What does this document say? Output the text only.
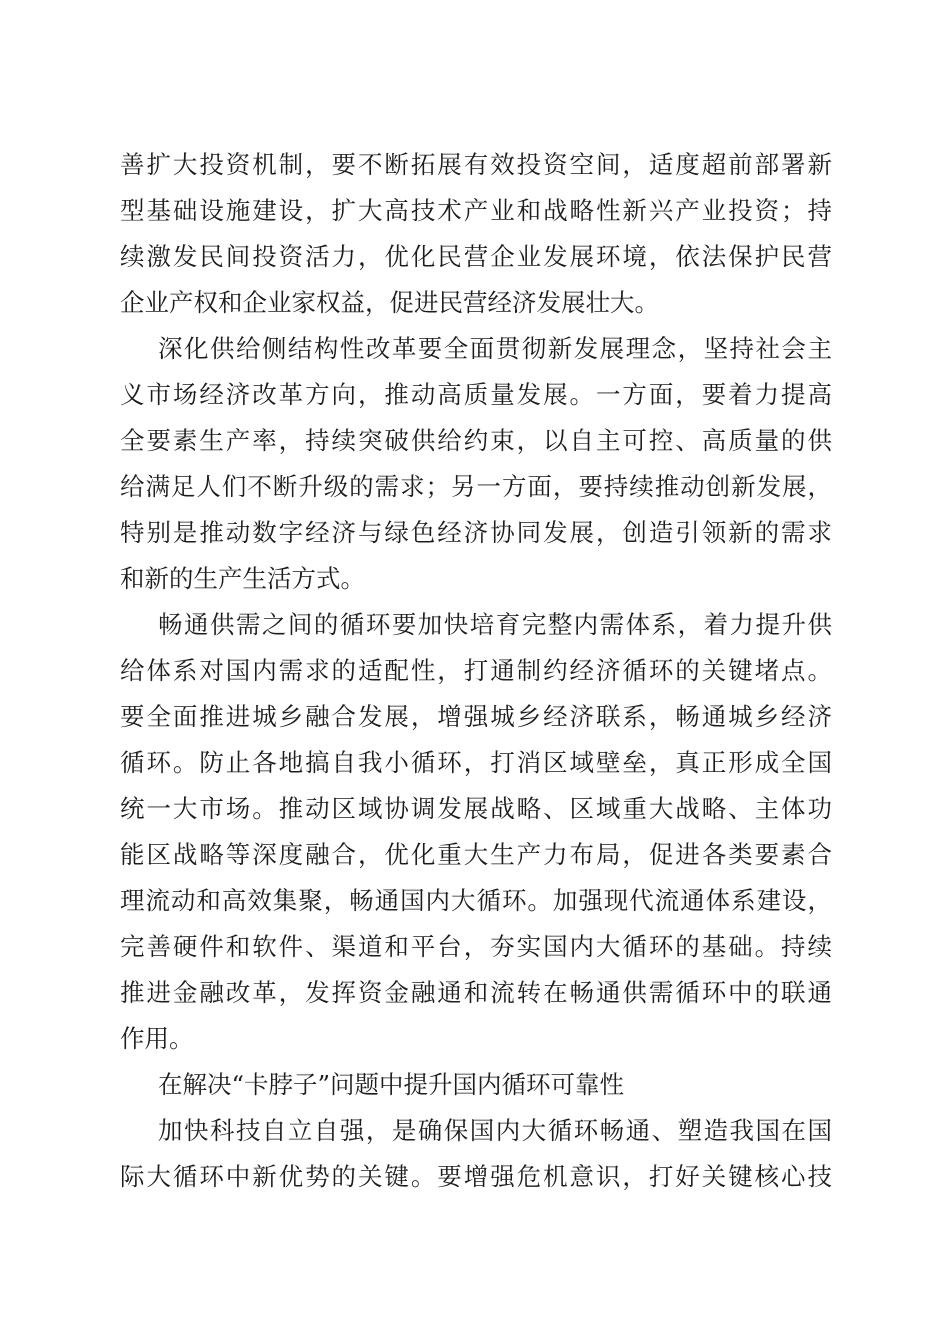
善扩大投资机制，要不断拓展有效投资空间，适度超前部署新
型基础设施建设，扩大高技术产业和战略性新兴产业投资；持
续激发民间投资活力，优化民营企业发展环境，依法保护民营
企业产权和企业家权益，促进民营经济发展壮大。
深化供给侧结构性改革要全面贯彻新发展理念，坚持社会主
义市场经济改革方向，推动高质量发展。一方面，要着力提高
全要素生产率，持续突破供给约束，以自主可控、高质量的供
给满足人们不断升级的需求；另一方面，要持续推动创新发展，
特别是推动数字经济与绿色经济协同发展，创造引领新的需求
和新的生产生活方式。
畅通供需之间的循环要加快培育完整内需体系，着力提升供
给体系对国内需求的适配性，打通制约经济循环的关键堵点。
要全面推进城乡融合发展，增强城乡经济联系，畅通城乡经济
循环。防止各地搞自我小循环，打消区域壁垒，真正形成全国
统一大市场。推动区域协调发展战略、区域重大战略、主体功
能区战略等深度融合，优化重大生产力布局，促进各类要素合
理流动和高效集聚，畅通国内大循环。加强现代流通体系建设，
完善硬件和软件、渠道和平台，夯实国内大循环的基础。持续
推进金融改革，发挥资金融通和流转在畅通供需循环中的联通
作用。
在解决“卡脖子”问题中提升国内循环可靠性
加快科技自立自强，是确保国内大循环畅通、塑造我国在国
际大循环中新优势的关键。要增强危机意识，打好关键核心技
